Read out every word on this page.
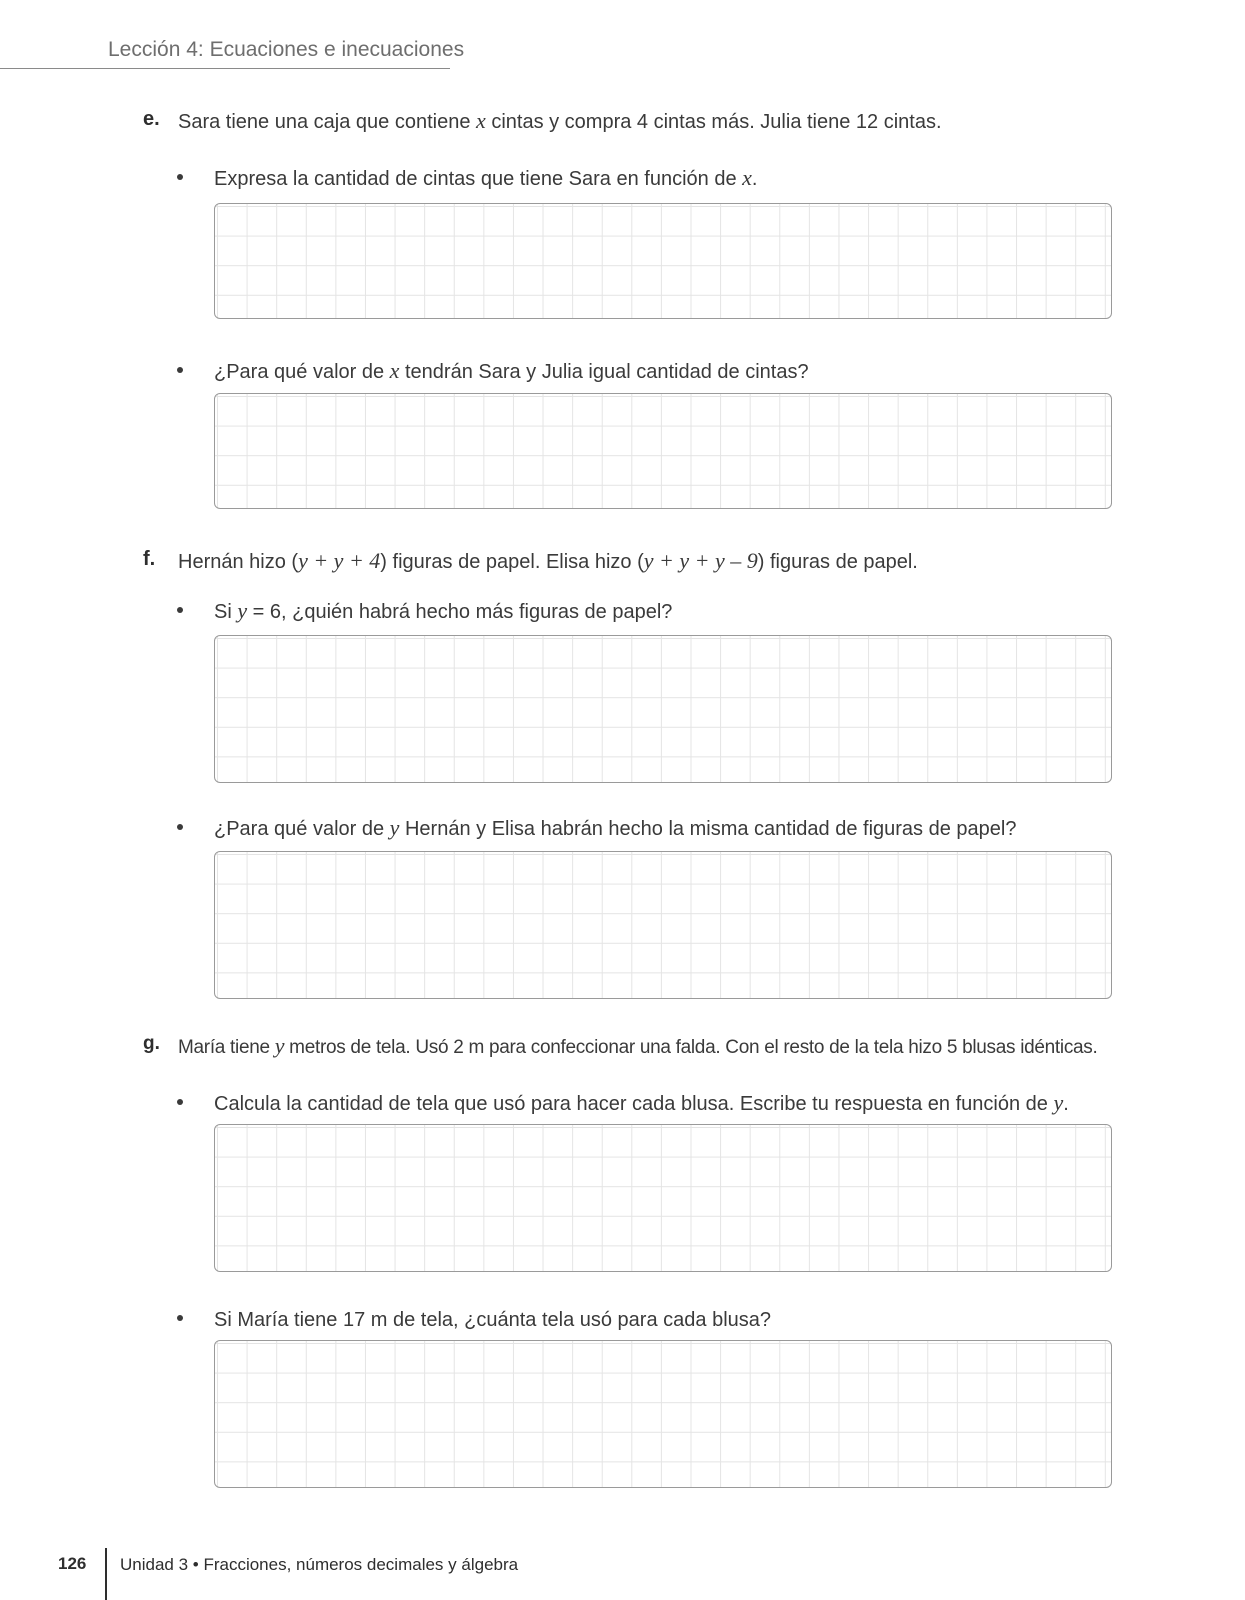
Lección 4: Ecuaciones e inecuaciones
e. Sara tiene una caja que contiene x cintas y compra 4 cintas más. Julia tiene 12 cintas.
Expresa la cantidad de cintas que tiene Sara en función de x.
¿Para qué valor de x tendrán Sara y Julia igual cantidad de cintas?
f. Hernán hizo (y + y + 4) figuras de papel. Elisa hizo (y + y + y – 9) figuras de papel.
Si y = 6, ¿quién habrá hecho más figuras de papel?
¿Para qué valor de y Hernán y Elisa habrán hecho la misma cantidad de figuras de papel?
g. María tiene y metros de tela. Usó 2 m para confeccionar una falda. Con el resto de la tela hizo 5 blusas idénticas.
Calcula la cantidad de tela que usó para hacer cada blusa. Escribe tu respuesta en función de y.
Si María tiene 17 m de tela, ¿cuánta tela usó para cada blusa?
126 Unidad 3 • Fracciones, números decimales y álgebra
